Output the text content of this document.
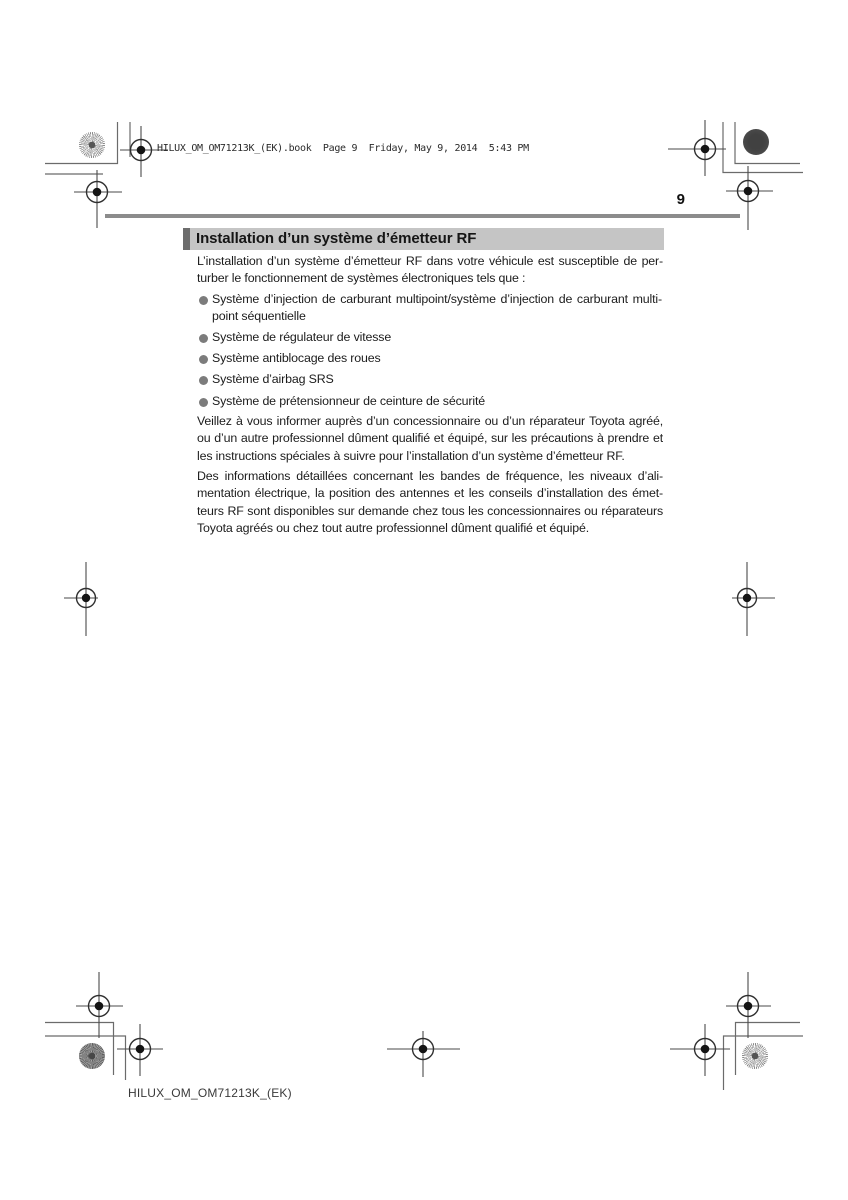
HILUX_OM_OM71213K_(EK).book  Page 9  Friday, May 9, 2014  5:43 PM
9
Installation d’un système d’émetteur RF
L’installation d’un système d’émetteur RF dans votre véhicule est susceptible de per-
turber le fonctionnement de systèmes électroniques tels que :
Système d’injection de carburant multipoint/système d’injection de carburant multi-
point séquentielle
Système de régulateur de vitesse
Système antiblocage des roues
Système d’airbag SRS
Système de prétensionneur de ceinture de sécurité
Veillez à vous informer auprès d’un concessionnaire ou d’un réparateur Toyota agréé,
ou d’un autre professionnel dûment qualifié et équipé, sur les précautions à prendre et
les instructions spéciales à suivre pour l’installation d’un système d’émetteur RF.
Des informations détaillées concernant les bandes de fréquence, les niveaux d’ali-
mentation électrique, la position des antennes et les conseils d’installation des émet-
teurs RF sont disponibles sur demande chez tous les concessionnaires ou réparateurs
Toyota agréés ou chez tout autre professionnel dûment qualifié et équipé.
HILUX_OM_OM71213K_(EK)
